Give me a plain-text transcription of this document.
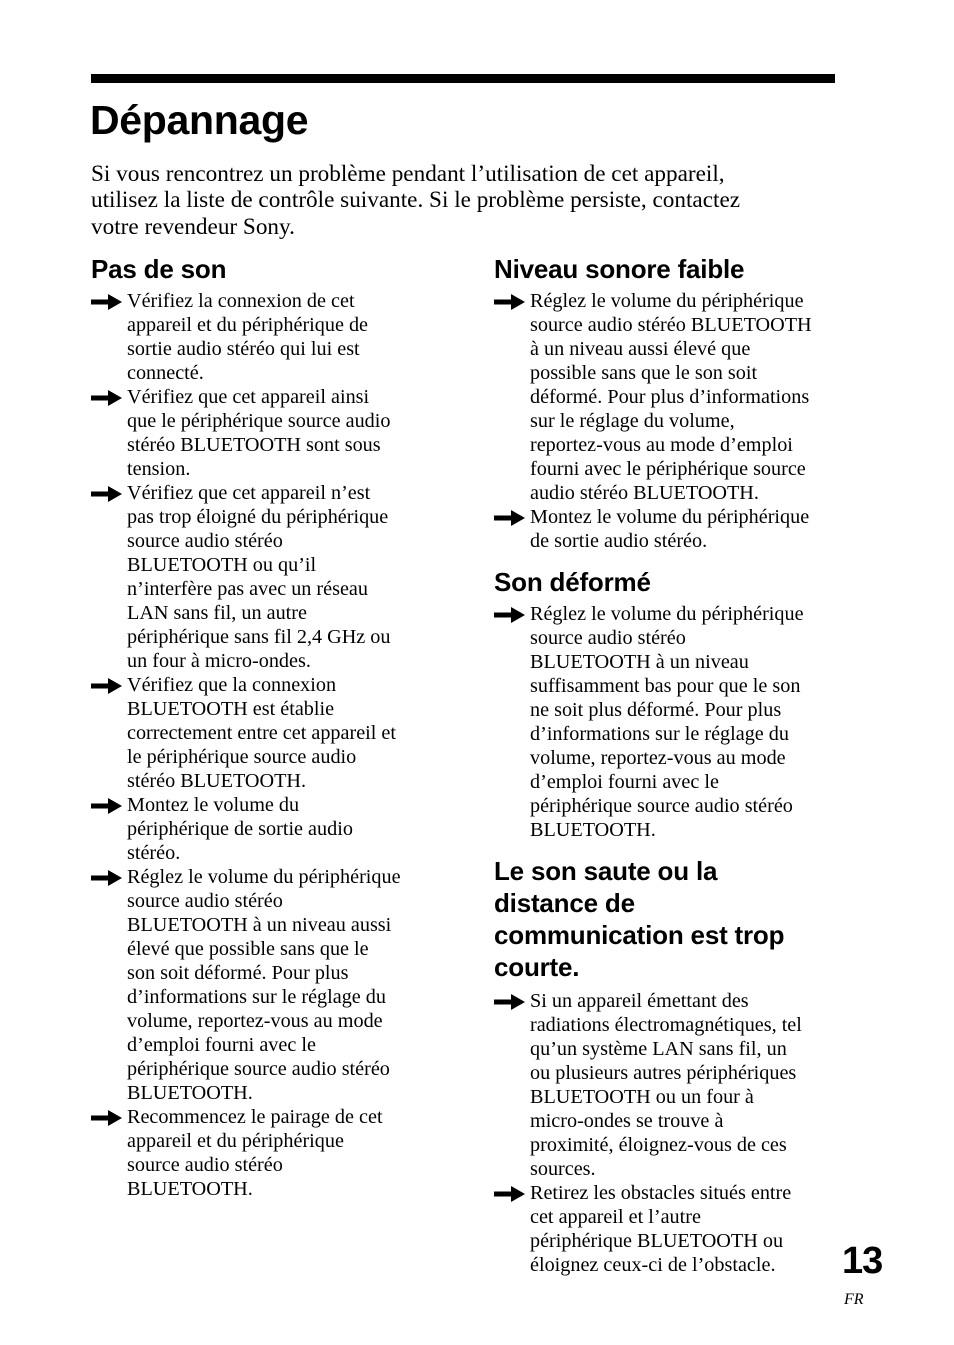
Dépannage
Si vous rencontrez un problème pendant l’utilisation de cet appareil,
utilisez la liste de contrôle suivante. Si le problème persiste, contactez
votre revendeur Sony.
Pas de son
Vérifiez la connexion de cet
appareil et du périphérique de
sortie audio stéréo qui lui est
connecté.
Vérifiez que cet appareil ainsi
que le périphérique source audio
stéréo BLUETOOTH sont sous
tension.
Vérifiez que cet appareil n’est
pas trop éloigné du périphérique
source audio stéréo
BLUETOOTH ou qu’il
n’interfère pas avec un réseau
LAN sans fil, un autre
périphérique sans fil 2,4 GHz ou
un four à micro-ondes.
Vérifiez que la connexion
BLUETOOTH est établie
correctement entre cet appareil et
le périphérique source audio
stéréo BLUETOOTH.
Montez le volume du
périphérique de sortie audio
stéréo.
Réglez le volume du périphérique
source audio stéréo
BLUETOOTH à un niveau aussi
élevé que possible sans que le
son soit déformé. Pour plus
d’informations sur le réglage du
volume, reportez-vous au mode
d’emploi fourni avec le
périphérique source audio stéréo
BLUETOOTH.
Recommencez le pairage de cet
appareil et du périphérique
source audio stéréo
BLUETOOTH.
Niveau sonore faible
Réglez le volume du périphérique
source audio stéréo BLUETOOTH
à un niveau aussi élevé que
possible sans que le son soit
déformé. Pour plus d’informations
sur le réglage du volume,
reportez-vous au mode d’emploi
fourni avec le périphérique source
audio stéréo BLUETOOTH.
Montez le volume du périphérique
de sortie audio stéréo.
Son déformé
Réglez le volume du périphérique
source audio stéréo
BLUETOOTH à un niveau
suffisamment bas pour que le son
ne soit plus déformé. Pour plus
d’informations sur le réglage du
volume, reportez-vous au mode
d’emploi fourni avec le
périphérique source audio stéréo
BLUETOOTH.
Le son saute ou la
distance de
communication est trop
courte.
Si un appareil émettant des
radiations électromagnétiques, tel
qu’un système LAN sans fil, un
ou plusieurs autres périphériques
BLUETOOTH ou un four à
micro-ondes se trouve à
proximité, éloignez-vous de ces
sources.
Retirez les obstacles situés entre
cet appareil et l’autre
périphérique BLUETOOTH ou
éloignez ceux-ci de l’obstacle.	13
FR
